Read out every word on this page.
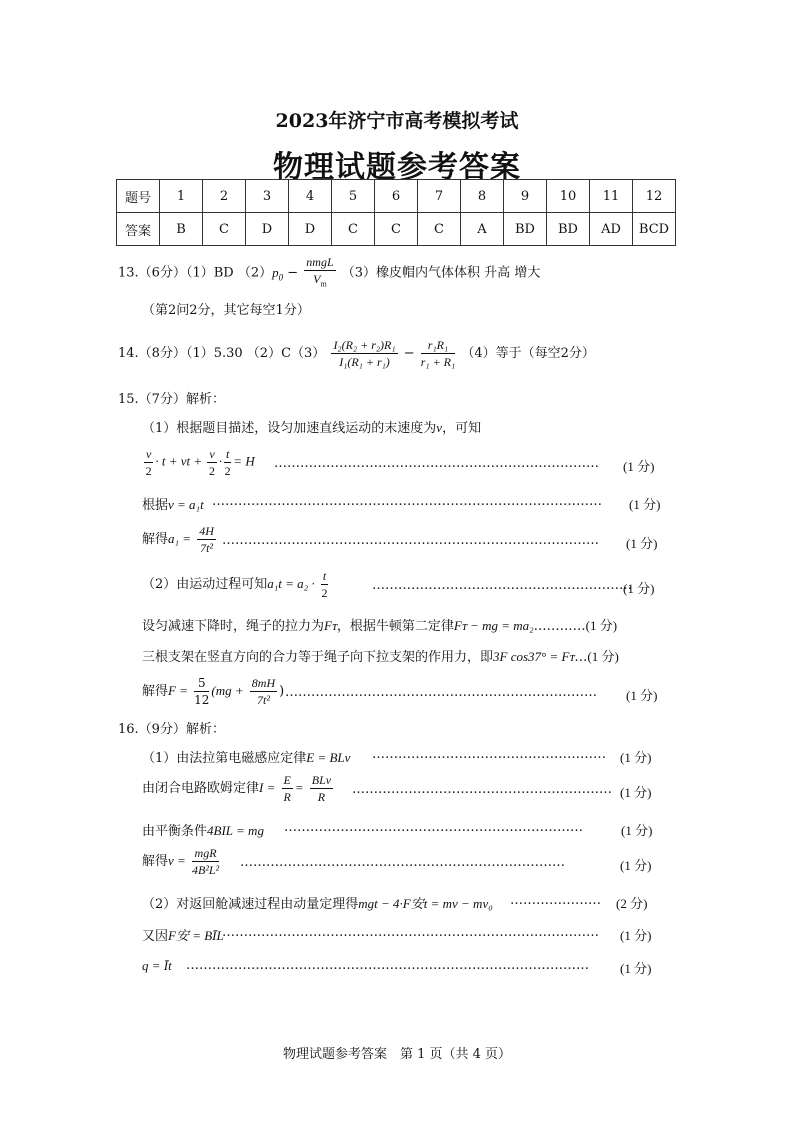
2023年济宁市高考模拟考试
物理试题参考答案
题号	1	2	3	4	5	6	7	8	9	10	11	12
答案	B	C	D	D	C	C	C	A	BD	BD	AD	BCD
13.（6分）（1）BD $(2)p_0 - \frac{\text{nmgL}}{V_m} (3)$橡皮帽内气体体积 升高 增大
（第2问2分，其它每空1分）
14.（8分）（1）5.30 $(2)C(3) \frac{\text{I₂(R₂ + r₂)R₁}}{\text{I₁(R₁ + r₁)}} - \frac{\text{r₁R₁}}{\text{r₁ + R₁}} (4)$等于（每空2分）
15.（7分）解析：
（1）根据题目描述，设匀加速直线运动的末速度为v，可知
$\frac{v}{2} \cdot t$ + vt + $\frac{v}{2} \cdot \frac{t}{2} = H$ ………………………………………………………………… (1 分)
根据v = a₁t ……………………………………………………………………………… (1 分)
解得$a_1 = \frac{4H}{\text{7t²}}$ …………………………………………………………………………… (1 分)
（2）由运动过程可知$a_1t = a_2 \cdot \frac{t}{2}$	……………………………………………………
(1 分)
设匀减速下降时，绳子的拉力为Fᴛ，根据牛顿第二定律Fᴛ − mg = ma₂…………(1 分)
三根支架在竖直方向的合力等于绳子向下拉支架的作用力，即3F cos37° = Fᴛ…(1 分)
解得$F = \frac{5}{12} (mg + \frac{8mH}{\text{7t²}}$ ) ……………………………………………………………… (1 分)
16.（9分）解析：
（1）由法拉第电磁感应定律E = BLv ……………………………………………… (1 分)
由闭合电路欧姆定律$I = \frac{E}{R} = \frac{\text{BLv}}{R}$ …………………………………………………… (1 分)
由平衡条件4BIL = mg ……………………………………………………………	(1 分)
解得$v = \frac{\text{mgR}}{\text{4B²L²}}$ …………………………………………………………………	(1 分)
（2）对返回舱减速过程由动量定理得mgt − 4·F安t = mv − mv₀ ………………… (2 分)
又因F安 = BĪL
…………………………………………………………………………… (1 分)
q = Īt ………………………………………………………………………………… (1 分)
物理试题参考答案　第 1 页（共 4 页）
